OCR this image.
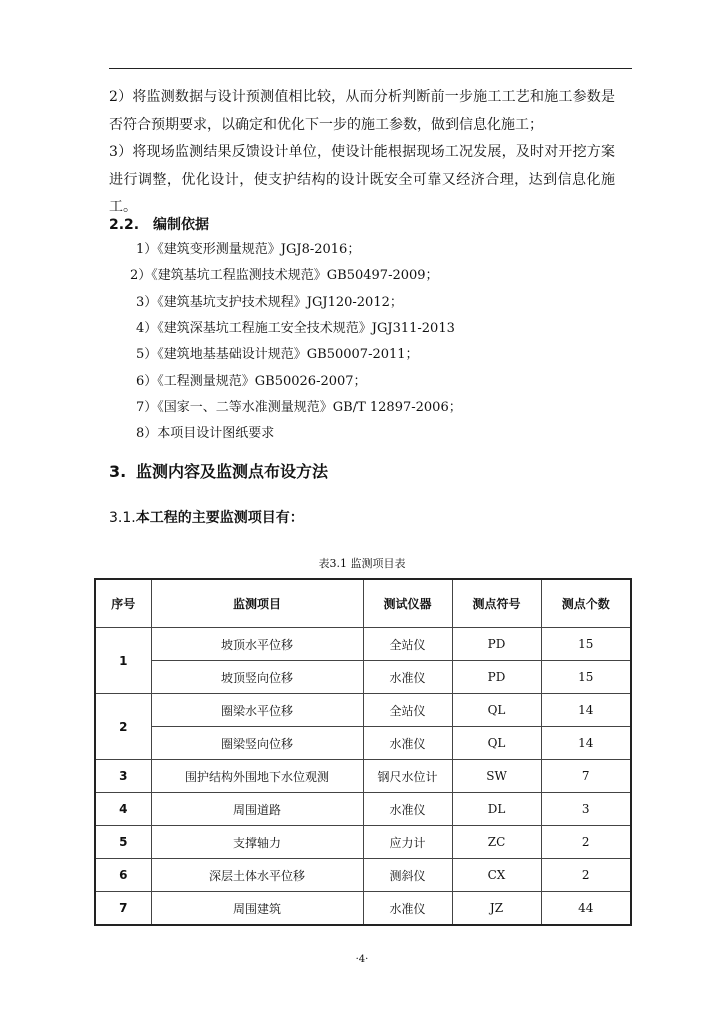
2）将监测数据与设计预测值相比较，从而分析判断前一步施工工艺和施工参数是否符合预期要求，以确定和优化下一步的施工参数，做到信息化施工；
3）将现场监测结果反馈设计单位，使设计能根据现场工况发展，及时对开挖方案进行调整，优化设计，使支护结构的设计既安全可靠又经济合理，达到信息化施工。
2.2. 编制依据
1）《建筑变形测量规范》JGJ8-2016；
2）《建筑基坑工程监测技术规范》GB50497-2009；
3）《建筑基坑支护技术规程》JGJ120-2012；
4）《建筑深基坑工程施工安全技术规范》JGJ311-2013
5）《建筑地基基础设计规范》GB50007-2011；
6）《工程测量规范》GB50026-2007；
7）《国家一、二等水准测量规范》GB/T 12897-2006；
8）本项目设计图纸要求
3. 监测内容及监测点布设方法
3.1.本工程的主要监测项目有：
表3.1 监测项目表
序号	监测项目	测试仪器	测点符号	测点个数
1	坡顶水平位移	全站仪	PD	15
	坡顶竖向位移	水准仪	PD	15
2	圈梁水平位移	全站仪	QL	14
	圈梁竖向位移	水准仪	QL	14
3	围护结构外围地下水位观测	钢尺水位计	SW	7
4	周围道路	水准仪	DL	3
5	支撑轴力	应力计	ZC	2
6	深层土体水平位移	测斜仪	CX	2
7	周围建筑	水准仪	JZ	44
·4·
